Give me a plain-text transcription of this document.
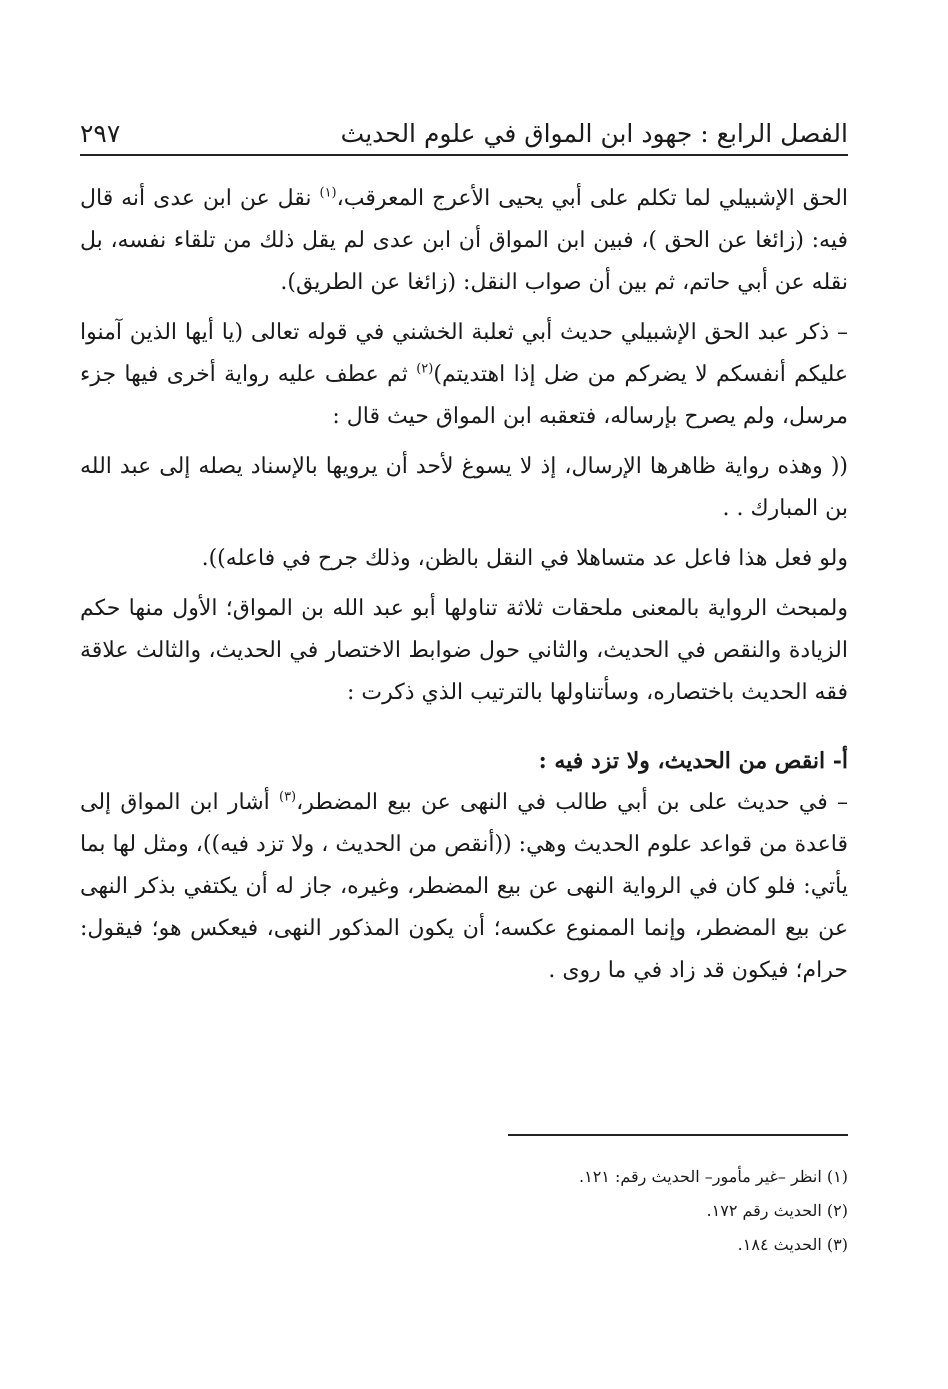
الفصل الرابع : جهود ابن المواق في علوم الحديث
٢٩٧

الحق الإشبيلي لما تكلم على أبي يحيى الأعرج المعرقب،$^{(١)}$ نقل عن ابن عدى أنه قال فيه: (زائغا عن الحق )، فبين ابن المواق أن ابن عدى لم يقل ذلك من تلقاء نفسه، بل نقله عن أبي حاتم، ثم بين أن صواب النقل: (زائغا عن الطريق).

– ذكر عبد الحق الإشبيلي حديث أبي ثعلبة الخشني في قوله تعالى (يا أيها الذين آمنوا عليكم أنفسكم لا يضركم من ضل إذا اهتديتم)$^{(٢)}$ ثم عطف عليه رواية أخرى فيها جزء مرسل، ولم يصرح بإرساله، فتعقبه ابن المواق حيث قال :

(( وهذه رواية ظاهرها الإرسال، إذ لا يسوغ لأحد أن يرويها بالإسناد يصله إلى عبد الله بن المبارك . .

ولو فعل هذا فاعل عد متساهلا في النقل بالظن، وذلك جرح في فاعله)).

ولمبحث الرواية بالمعنى ملحقات ثلاثة تناولها أبو عبد الله بن المواق؛ الأول منها حكم الزيادة والنقص في الحديث، والثاني حول ضوابط الاختصار في الحديث، والثالث علاقة فقه الحديث باختصاره، وسأتناولها بالترتيب الذي ذكرت :

أ- انقص من الحديث، ولا تزد فيه :

– في حديث على بن أبي طالب في النهى عن بيع المضطر،$^{(٣)}$ أشار ابن المواق إلى قاعدة من قواعد علوم الحديث وهي: ((أنقص من الحديث ، ولا تزد فيه))، ومثل لها بما يأتي: فلو كان في الرواية النهى عن بيع المضطر، وغيره، جاز له أن يكتفي بذكر النهى عن بيع المضطر، وإنما الممنوع عكسه؛ أن يكون المذكور النهى، فيعكس هو؛ فيقول: حرام؛ فيكون قد زاد في ما روى .

(١) انظر –غير مأمور– الحديث رقم: ١٢١.
(٢) الحديث رقم ١٧٢.
(٣) الحديث ١٨٤.
